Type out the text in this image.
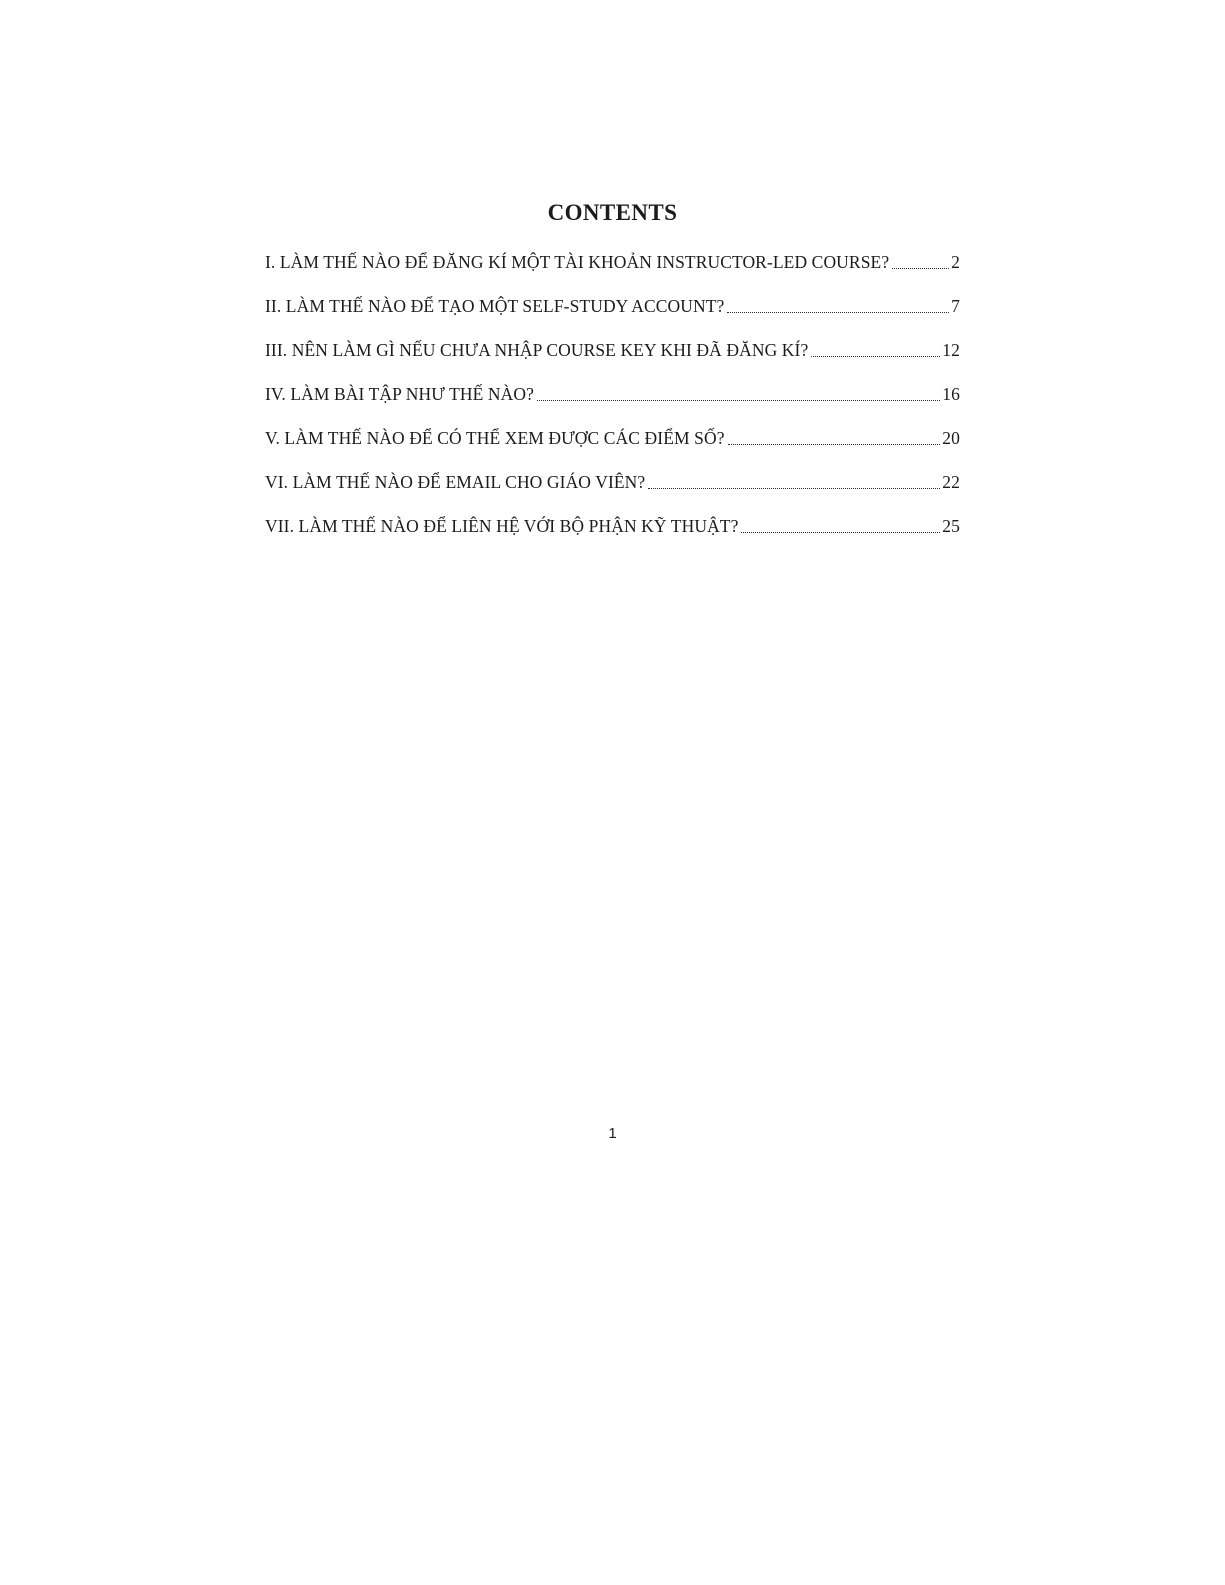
CONTENTS
I. LÀM THẾ NÀO ĐỂ ĐĂNG KÍ MỘT TÀI KHOẢN INSTRUCTOR-LED COURSE?	2
II. LÀM THẾ NÀO ĐỂ TẠO MỘT SELF-STUDY ACCOUNT?	7
III. NÊN LÀM GÌ NẾU CHƯA NHẬP COURSE KEY KHI ĐÃ ĐĂNG KÍ?	12
IV. LÀM BÀI TẬP NHƯ THẾ NÀO?	16
V. LÀM THẾ NÀO ĐỂ CÓ THỂ XEM ĐƯỢC CÁC ĐIỂM SỐ?	20
VI. LÀM THẾ NÀO ĐỂ EMAIL CHO GIÁO VIÊN?	22
VII. LÀM THẾ NÀO ĐỂ LIÊN HỆ VỚI BỘ PHẬN KỸ THUẬT?	25
1
